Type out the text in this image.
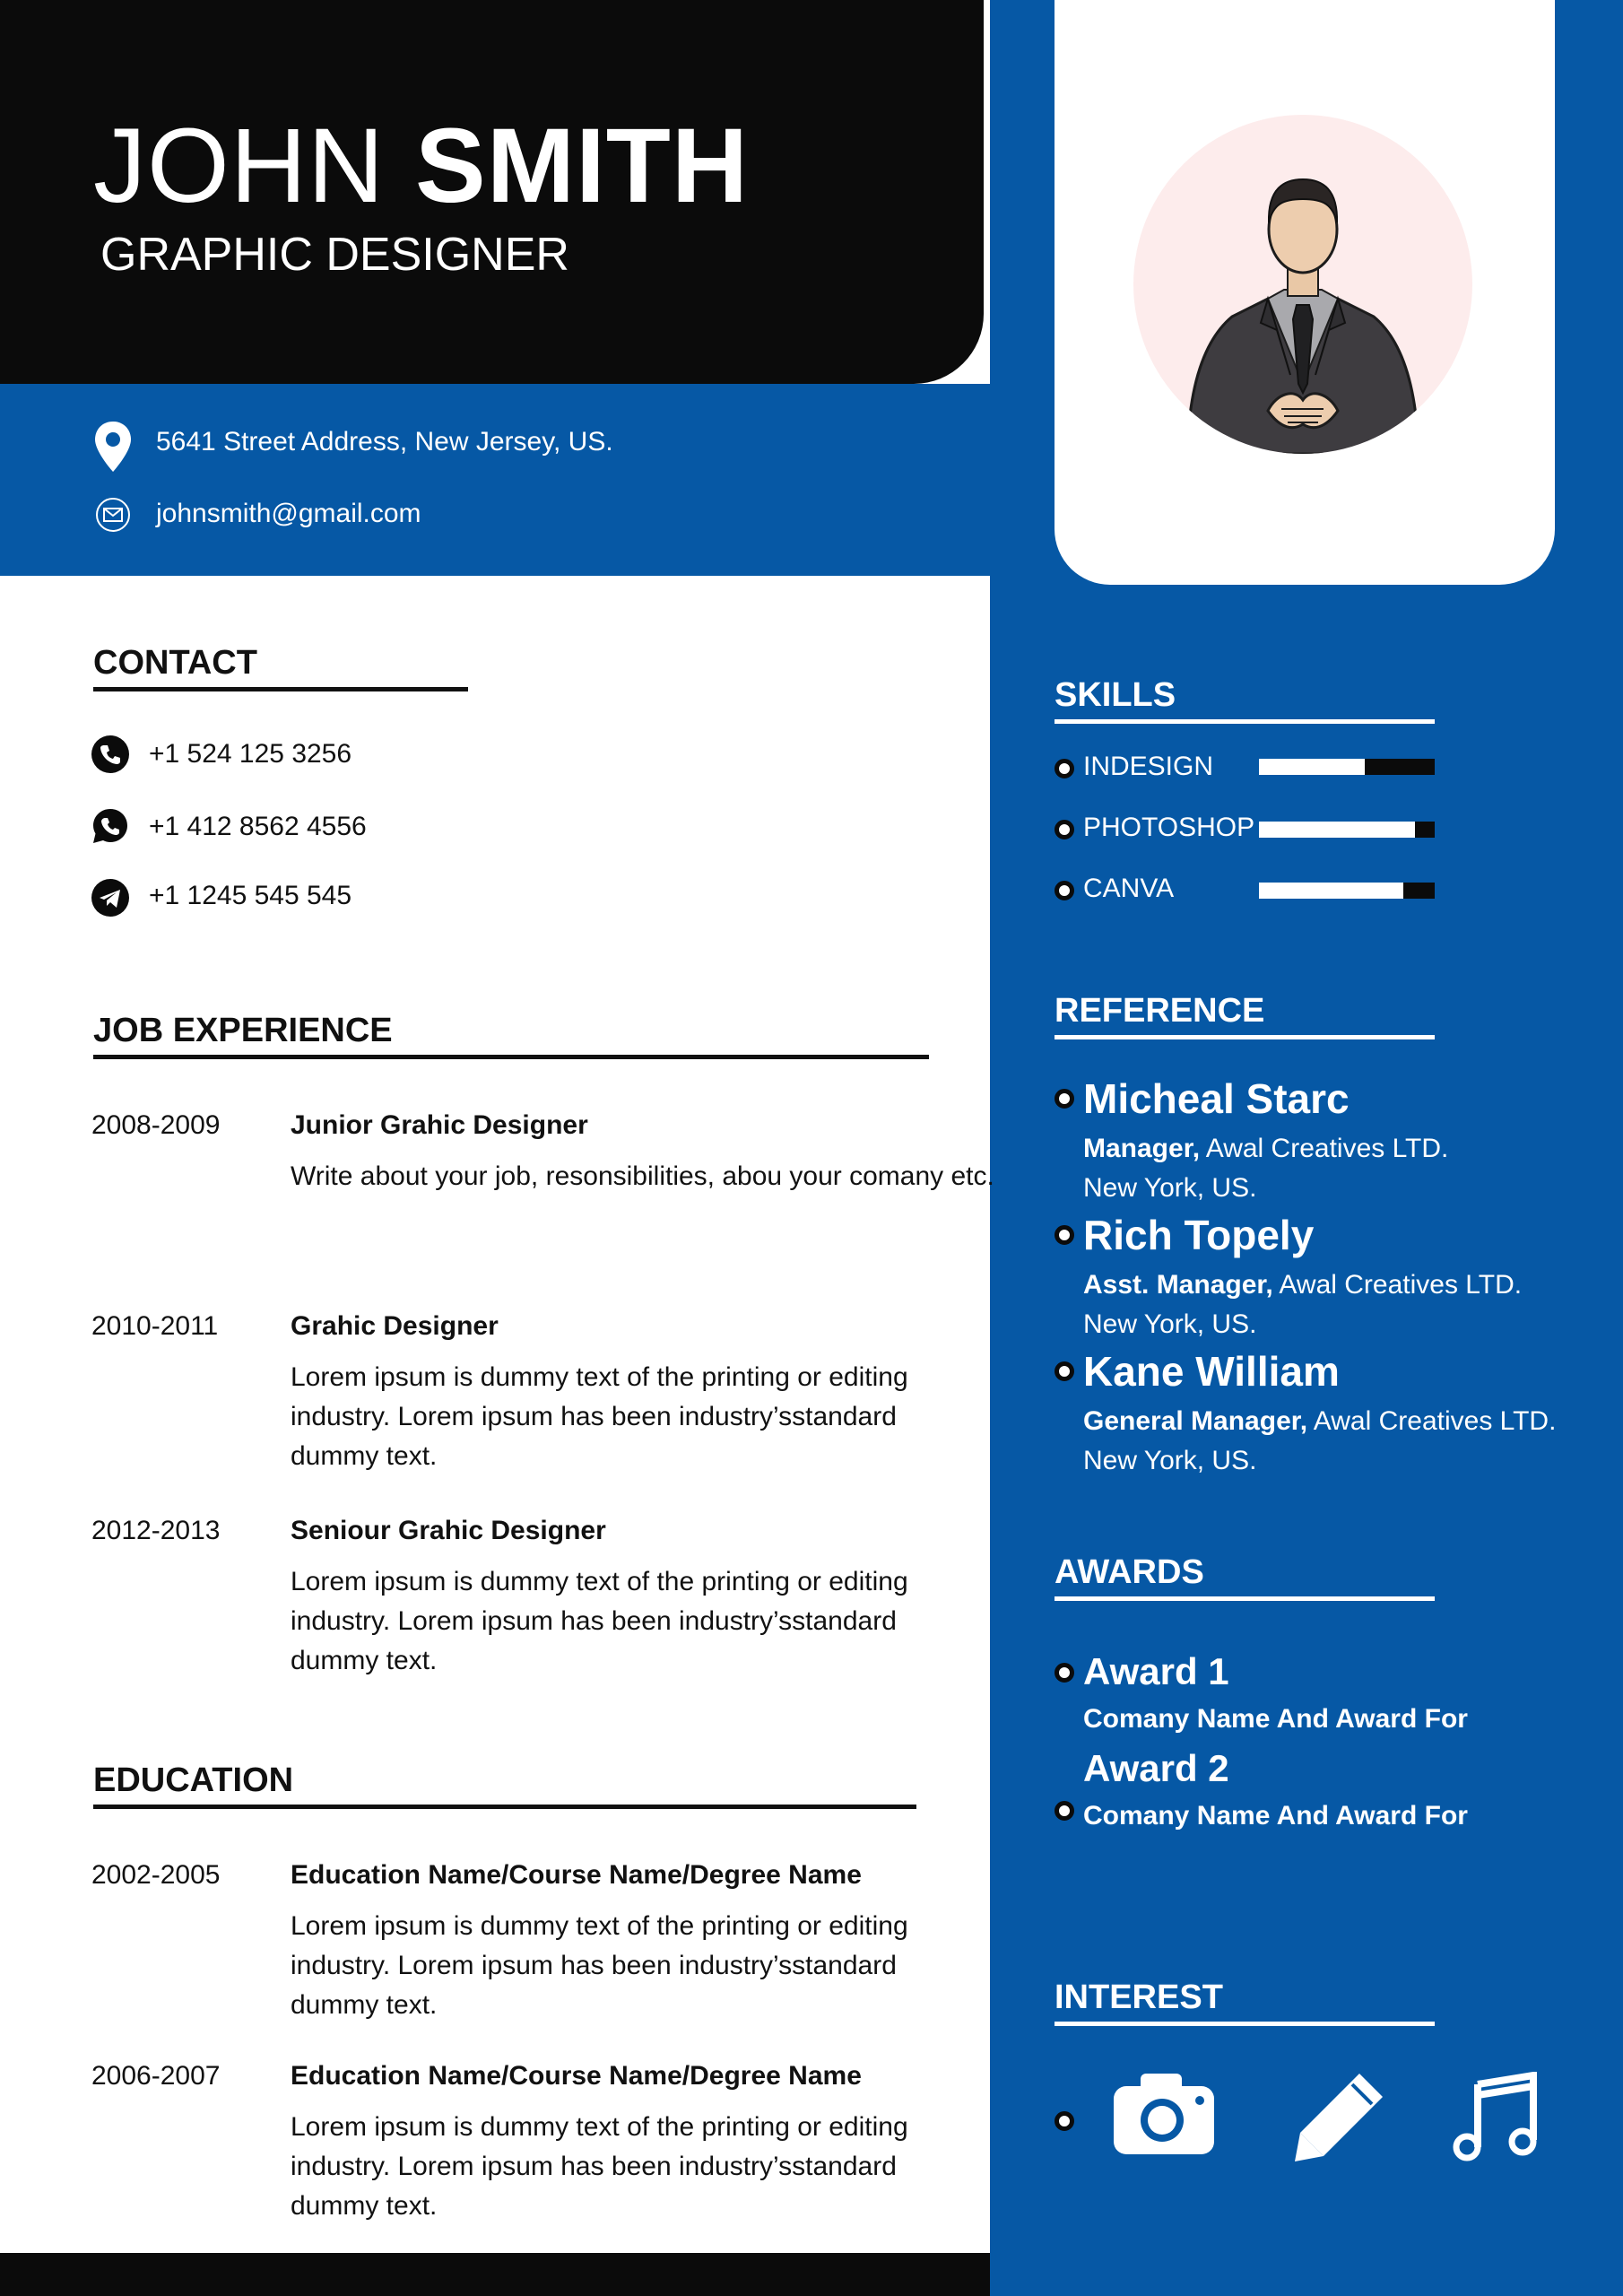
JOHN SMITH
GRAPHIC DESIGNER
5641 Street Address, New Jersey, US.
johnsmith@gmail.com
CONTACT
+1 524 125 3256
+1 412 8562 4556
+1 1245 545 545
JOB EXPERIENCE
2008-2009	Junior Grahic Designer
Write about your job, resonsibilities, abou your comany etc.
2010-2011	Grahic Designer
Lorem ipsum is dummy text of the printing or editing industry. Lorem ipsum has been industry’sstandard dummy text.
2012-2013	Seniour Grahic Designer
Lorem ipsum is dummy text of the printing or editing industry. Lorem ipsum has been industry’sstandard dummy text.
EDUCATION
2002-2005	Education Name/Course Name/Degree Name
Lorem ipsum is dummy text of the printing or editing industry. Lorem ipsum has been industry’sstandard dummy text.
2006-2007	Education Name/Course Name/Degree Name
Lorem ipsum is dummy text of the printing or editing industry. Lorem ipsum has been industry’sstandard dummy text.
SKILLS
INDESIGN
PHOTOSHOP
CANVA
REFERENCE
Micheal Starc
Manager, Awal Creatives LTD.
New York, US.
Rich Topely
Asst. Manager, Awal Creatives LTD.
New York, US.
Kane William
General Manager, Awal Creatives LTD.
New York, US.
AWARDS
Award 1
Comany Name And Award For
Award 2
Comany Name And Award For
INTEREST
